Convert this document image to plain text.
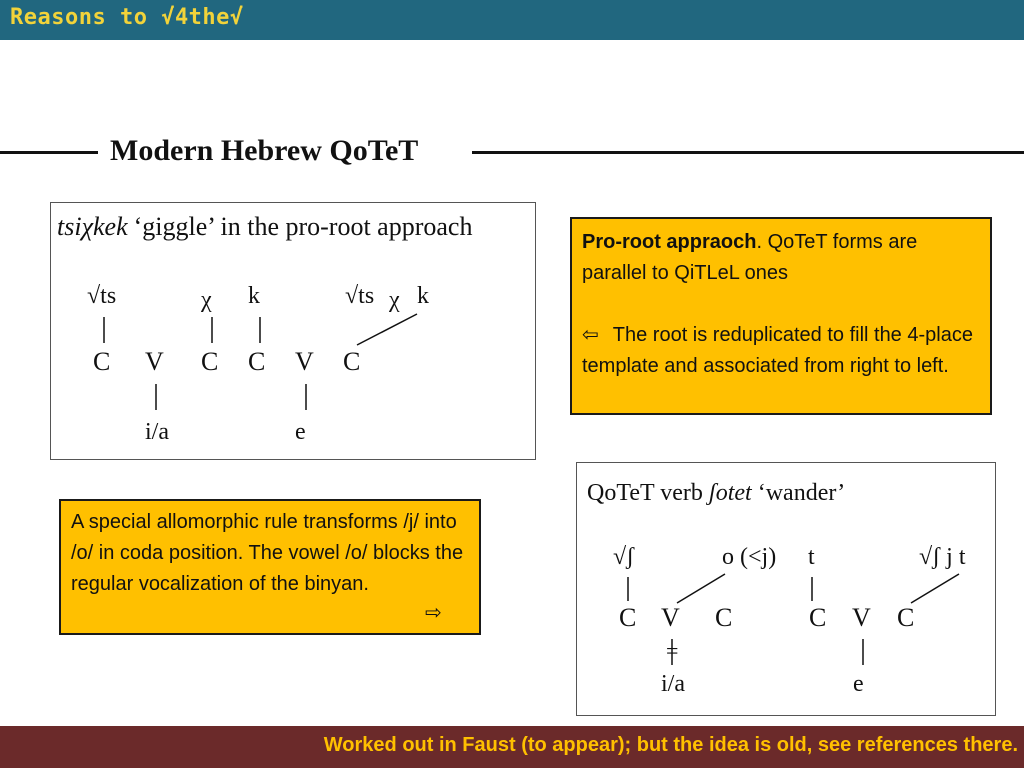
Reasons to √4the√
Modern Hebrew QoTeT
tsiχkek ‘giggle’ in the pro-root approach
√ts	χ k	√ts χ k
C V C C V C
i/a	e
Pro-root appraoch. QoTeT forms are parallel to QiTLeL ones
⇦ The root is reduplicated to fill the 4-place template and associated from right to left.
A special allomorphic rule transforms /j/ into /o/ in coda position. The vowel /o/ blocks the regular vocalization of the binyan.
⇨
QoTeT verb ʃotet ‘wander’
√ʃ	o (<j) t	√ʃ j t
C V C	C V C
=
i/a	e
Worked out in Faust (to appear); but the idea is old, see references there.
